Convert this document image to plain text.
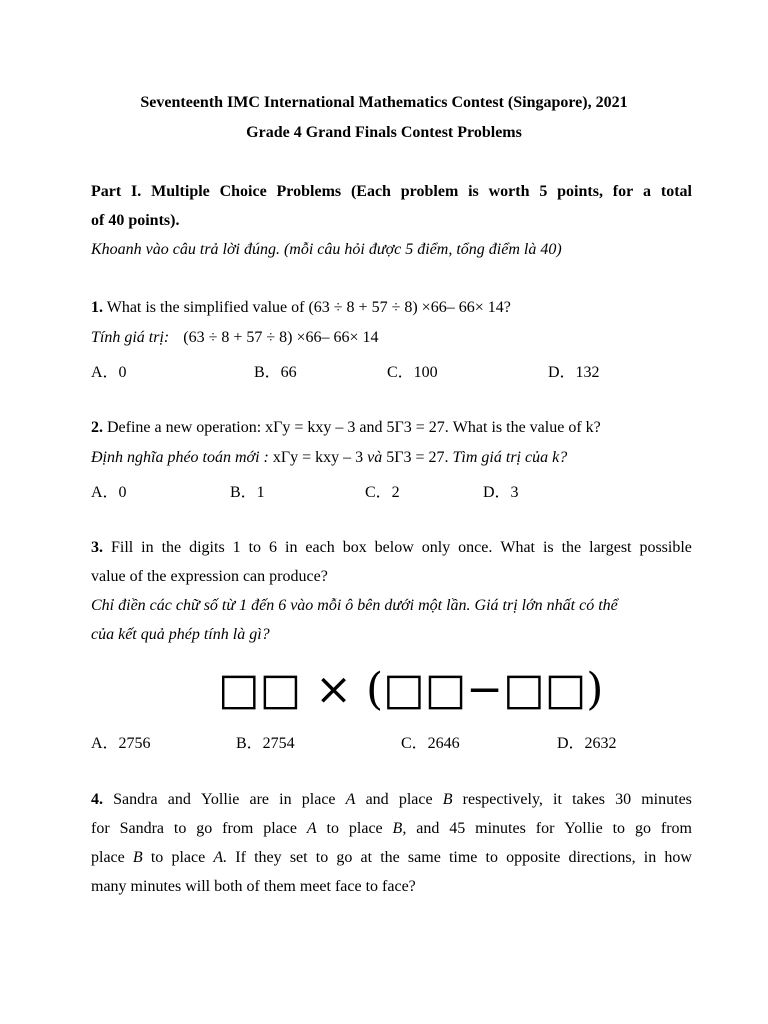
Seventeenth IMC International Mathematics Contest (Singapore), 2021
Grade 4 Grand Finals Contest Problems
Part I. Multiple Choice Problems (Each problem is worth 5 points, for a total
of 40 points).
Khoanh vào câu trả lời đúng. (mỗi câu hỏi được 5 điểm, tổng điểm là 40)
1. What is the simplified value of (63 ÷ 8 + 57 ÷ 8) ×66– 66× 14?
Tính giá trị: (63 ÷ 8 + 57 ÷ 8) ×66– 66× 14
A．0	B．66	C．100	D．132
2. Define a new operation: xΓy = kxy – 3 and 5Γ3 = 27. What is the value of k?
Định nghĩa phéo toán mới : xΓy = kxy – 3 và 5Γ3 = 27. Tìm giá trị của k?
A．0	B．1	C．2	D．3
3. Fill in the digits 1 to 6 in each box below only once. What is the largest possible
value of the expression can produce?
Chỉ điền các chữ số từ 1 đến 6 vào mỗi ô bên dưới một lần. Giá trị lớn nhất có thể
của kết quả phép tính là gì?
□□ × (□□−□□)
A．2756	B．2754	C．2646	D．2632
4. Sandra and Yollie are in place A and place B respectively, it takes 30 minutes
for Sandra to go from place A to place B, and 45 minutes for Yollie to go from
place B to place A. If they set to go at the same time to opposite directions, in how
many minutes will both of them meet face to face?
